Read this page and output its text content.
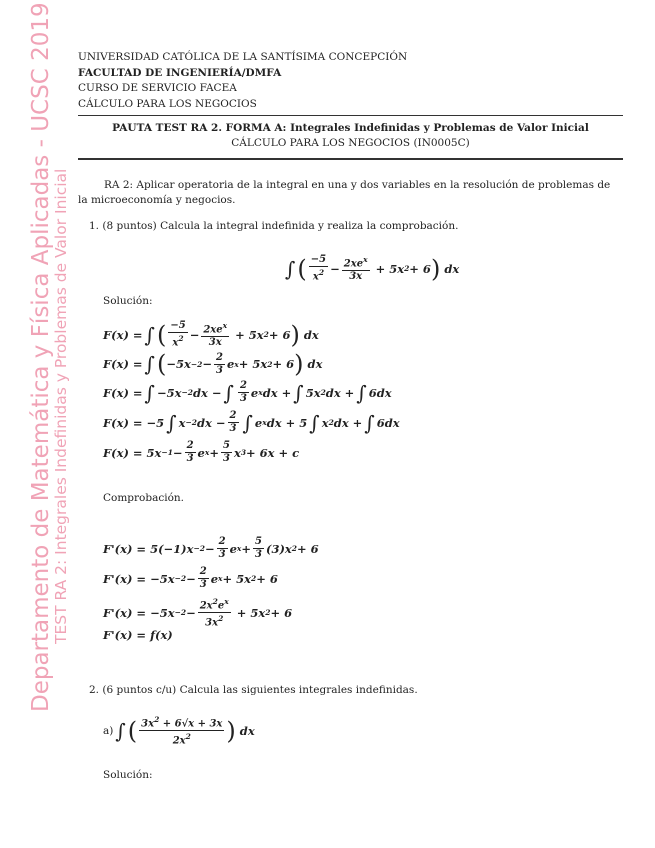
Departamento de Matemática y Física Aplicadas - UCSC 2019
TEST RA 2: Integrales Indefinidas y Problemas de Valor Inicial
UNIVERSIDAD CATÓLICA DE LA SANTÍSIMA CONCEPCIÓN
FACULTAD DE INGENIERÍA/DMFA
CURSO DE SERVICIO FACEA
CÁLCULO PARA LOS NEGOCIOS
PAUTA TEST RA 2. FORMA A: Integrales Indefinidas y Problemas de Valor Inicial
CÁLCULO PARA LOS NEGOCIOS (IN0005C)
RA 2: Aplicar operatoria de la integral en una y dos variables en la resolución de problemas de la microeconomía y negocios.
1. (8 puntos) Calcula la integral indefinida y realiza la comprobación.
∫ ( $\frac{-5}{x^2} - \frac{2xe^x}{3x} + 5x$ 2 + 6 ) dx
Solución:
F(x) = ∫ ( $\frac{-5}{x^2} - \frac{2xe^x}{3x} + 5x$ 2 + 6 ) dx
F(x) = ∫ ( $-5x -2 - \frac{2}{3}$ e x + 5x 2 + 6 ) dx
F(x) = ∫ −5x −2 dx − ∫ $\frac{2}{3}$ e x dx + ∫ 5x 2 dx + ∫ 6dx
F(x) = −5 ∫ x −2 dx − $\frac{2}{3}$ ∫ e x dx + 5 ∫ x 2 dx + ∫ 6dx
$F(x) = 5x -1 - \frac{2}{3}$ e $x + \frac{5}{3}$ x 3 + 6x + c
Comprobación.
$F'(x) = 5(-1)x -2 - \frac{2}{3}$ e $x + \frac{5}{3} (3)x$ 2 + 6
$F'(x) = -5x -2 - \frac{2}{3}$ e x + 5x 2 + 6
$F'(x) = -5x -2 - \frac{2x^2e^x}{3x^2} + 5x$ 2 + 6
F'(x) = f(x)
2. (6 puntos c/u) Calcula las siguientes integrales indefinidas.
a) ∫ ( $\frac{3x^2 + 6√x + 3x}{2x^2}$ ) dx
Solución:
